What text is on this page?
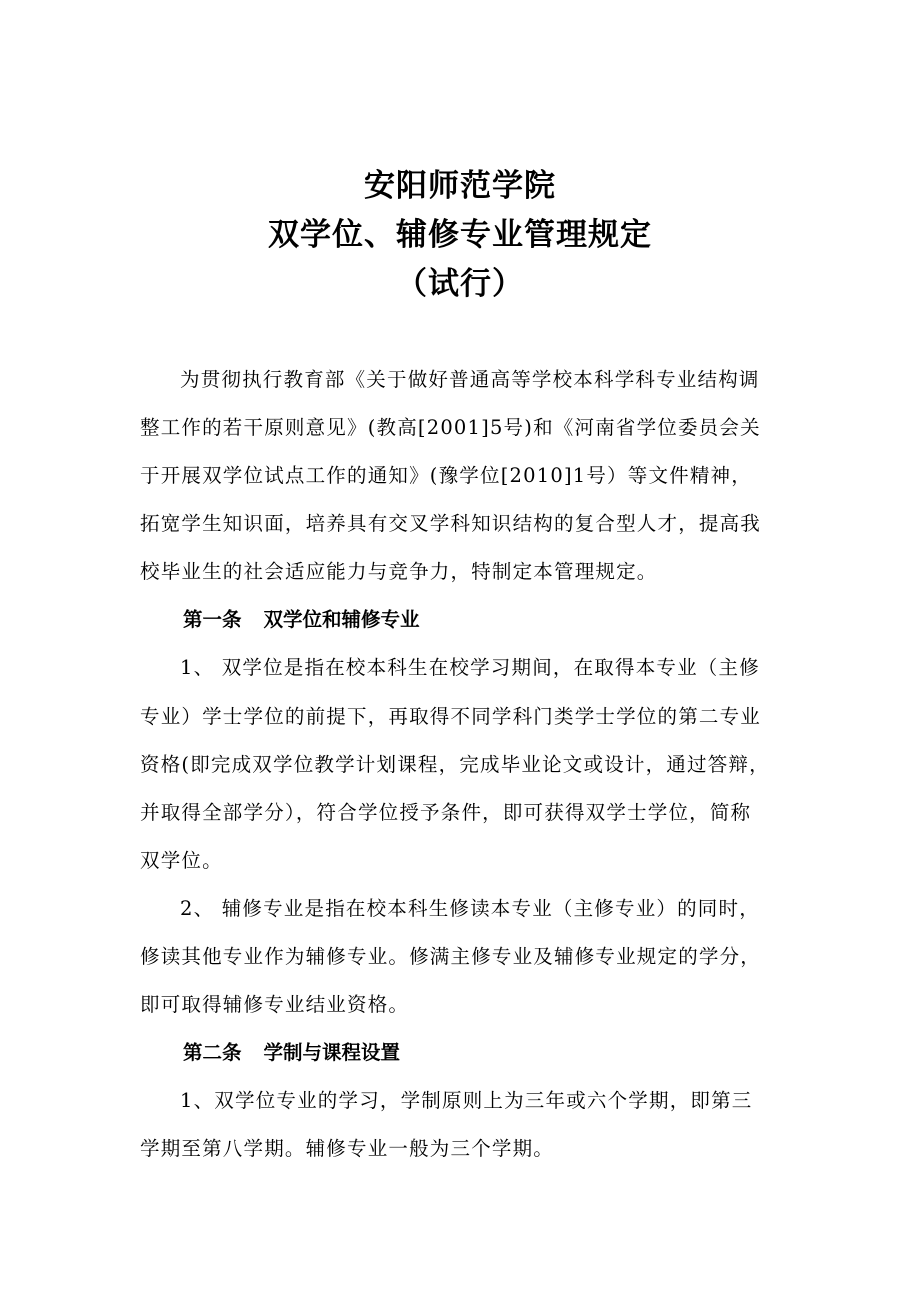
安阳师范学院
双学位、辅修专业管理规定
（试行）
为贯彻执行教育部《关于做好普通高等学校本科学科专业结构调
整工作的若干原则意见》(教高[2001]5号)和《河南省学位委员会关
于开展双学位试点工作的通知》(豫学位[2010]1号）等文件精神，
拓宽学生知识面，培养具有交叉学科知识结构的复合型人才，提高我
校毕业生的社会适应能力与竞争力，特制定本管理规定。
第一条 双学位和辅修专业
1、 双学位是指在校本科生在校学习期间，在取得本专业（主修
专业）学士学位的前提下，再取得不同学科门类学士学位的第二专业
资格(即完成双学位教学计划课程，完成毕业论文或设计，通过答辩，
并取得全部学分），符合学位授予条件，即可获得双学士学位，简称
双学位。
2、 辅修专业是指在校本科生修读本专业（主修专业）的同时，
修读其他专业作为辅修专业。修满主修专业及辅修专业规定的学分，
即可取得辅修专业结业资格。
第二条 学制与课程设置
1、双学位专业的学习，学制原则上为三年或六个学期，即第三
学期至第八学期。辅修专业一般为三个学期。
